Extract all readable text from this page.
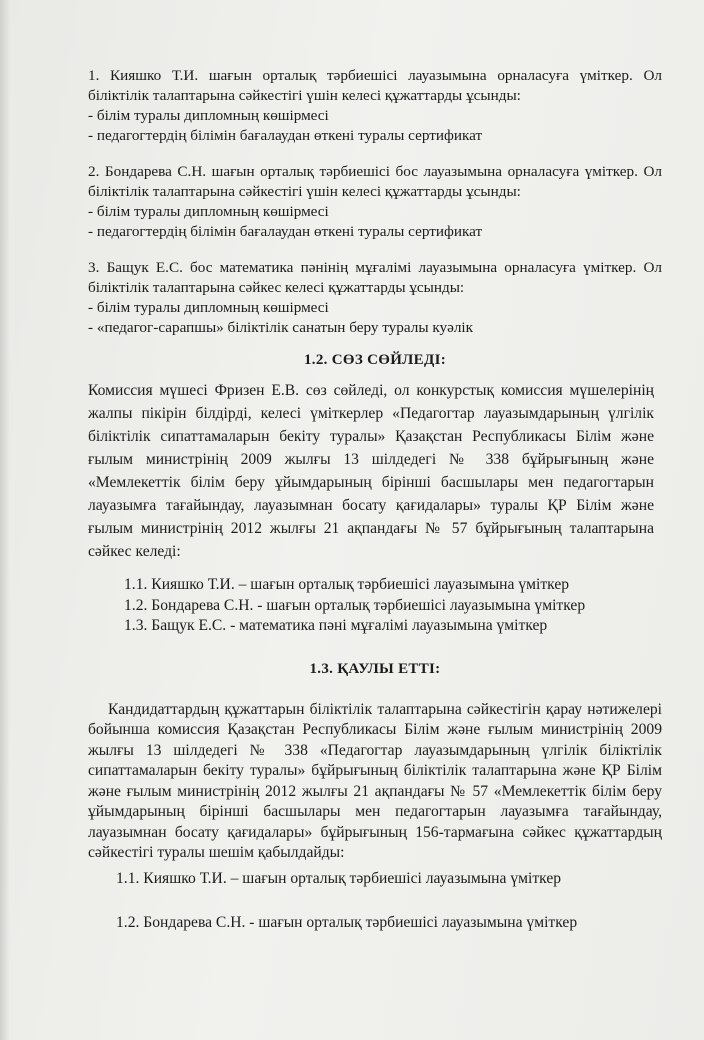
1. Кияшко Т.И. шағын орталық тәрбиешісі лауазымына орналасуға үміткер. Ол біліктілік талаптарына сәйкестігі үшін келесі құжаттарды ұсынды:

- білім туралы дипломның көшірмесі
- педагогтердің білімін бағалаудан өткені туралы сертификат

2. Бондарева С.Н. шағын орталық тәрбиешісі бос лауазымына орналасуға үміткер. Ол біліктілік талаптарына сәйкестігі үшін келесі құжаттарды ұсынды:

- білім туралы дипломның көшірмесі
- педагогтердің білімін бағалаудан өткені туралы сертификат

3. Бащук Е.С. бос математика пәнінің мұғалімі лауазымына орналасуға үміткер. Ол біліктілік талаптарына сәйкес келесі құжаттарды ұсынды:

- білім туралы дипломның көшірмесі
- «педагог-сарапшы» біліктілік санатын беру туралы куәлік
1.2. СӨЗ СӨЙЛЕДІ:

Комиссия мүшесі Фризен Е.В. сөз сөйледі, ол конкурстық комиссия мүшелерінің жалпы пікірін білдірді, келесі үміткерлер «Педагогтар лауазымдарының үлгілік біліктілік сипаттамаларын бекіту туралы» Қазақстан Республикасы Білім және ғылым министрінің 2009 жылғы 13 шілдедегі № 338 бұйрығының және «Мемлекеттік білім беру ұйымдарының бірінші басшылары мен педагогтарын лауазымға тағайындау, лауазымнан босату қағидалары» туралы ҚР Білім және ғылым министрінің 2012 жылғы 21 ақпандағы № 57 бұйрығының талаптарына сәйкес келеді:

1.1. Кияшко Т.И. – шағын орталық тәрбиешісі лауазымына үміткер
1.2. Бондарева С.Н. - шағын орталық тәрбиешісі лауазымына үміткер
1.3. Бащук Е.С. - математика пәні мұғалімі лауазымына үміткер
1.3. ҚАУЛЫ ЕТТІ:

Кандидаттардың құжаттарын біліктілік талаптарына сәйкестігін қарау нәтижелері бойынша комиссия Қазақстан Республикасы Білім және ғылым министрінің 2009 жылғы 13 шілдедегі № 338 «Педагогтар лауазымдарының үлгілік біліктілік сипаттамаларын бекіту туралы» бұйрығының біліктілік талаптарына және ҚР Білім және ғылым министрінің 2012 жылғы 21 ақпандағы № 57 «Мемлекеттік білім беру ұйымдарының бірінші басшылары мен педагогтарын лауазымға тағайындау, лауазымнан босату қағидалары» бұйрығының 156-тармағына сәйкес құжаттардың сәйкестігі туралы шешім қабылдайды:

1.1. Кияшко Т.И. – шағын орталық тәрбиешісі лауазымына үміткер
1.2. Бондарева С.Н. - шағын орталық тәрбиешісі лауазымына үміткер
